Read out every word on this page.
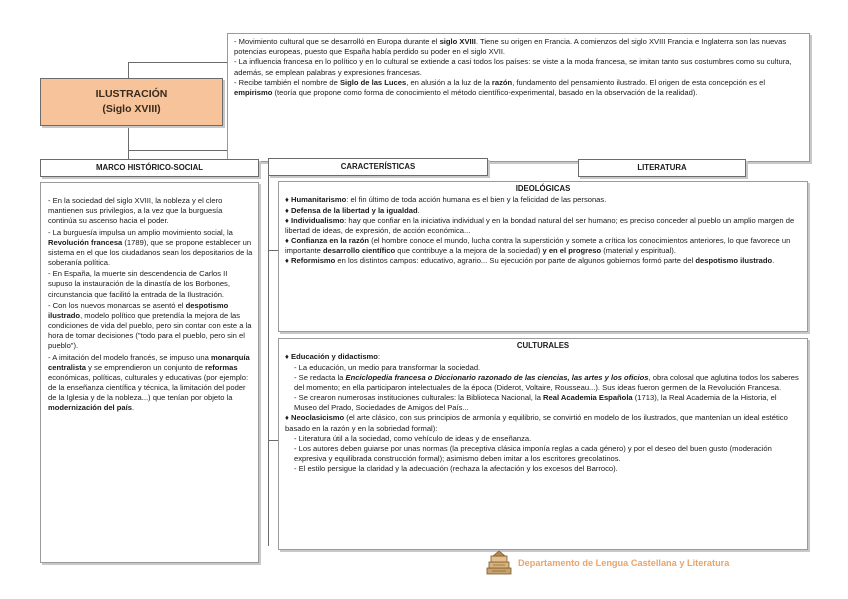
- Movimiento cultural que se desarrolló en Europa durante el siglo XVIII. Tiene su origen en Francia. A comienzos del siglo XVIII Francia e Inglaterra son las nuevas potencias europeas, puesto que España había perdido su poder en el siglo XVII.

- La influencia francesa en lo político y en lo cultural se extiende a casi todos los países: se viste a la moda francesa, se imitan tanto sus costumbres como su cultura, además, se emplean palabras y expresiones francesas.

- Recibe también el nombre de Siglo de las Luces, en alusión a la luz de la razón, fundamento del pensamiento ilustrado. El origen de esta concepción es el empirismo (teoría que propone como forma de conocimiento el método científico-experimental, basado en la observación de la realidad).

ILUSTRACIÓN
(Siglo XVIII)
MARCO HISTÓRICO-SOCIAL	CARACTERÍSTICAS	LITERATURA

- En la sociedad del siglo XVIII, la nobleza y el clero mantienen sus privilegios, a la vez que la burguesía continúa su ascenso hacia el poder.

- La burguesía impulsa un amplio movimiento social, la Revolución francesa (1789), que se propone establecer un sistema en el que los ciudadanos sean los depositarios de la soberanía política.

- En España, la muerte sin descendencia de Carlos II supuso la instauración de la dinastía de los Borbones, circunstancia que facilitó la entrada de la Ilustración.

- Con los nuevos monarcas se asentó el despotismo ilustrado, modelo político que pretendía la mejora de las condiciones de vida del pueblo, pero sin contar con este a la hora de tomar decisiones ("todo para el pueblo, pero sin el pueblo").

- A imitación del modelo francés, se impuso una monarquía centralista y se emprendieron un conjunto de reformas económicas, políticas, culturales y educativas (por ejemplo: de la enseñanza científica y técnica, la limitación del poder de la Iglesia y de la nobleza...) que tenían por objeto la modernización del país.

IDEOLÓGICAS

♦ Humanitarismo: el fin último de toda acción humana es el bien y la felicidad de las personas.

♦ Defensa de la libertad y la igualdad.

♦ Individualismo: hay que confiar en la iniciativa individual y en la bondad natural del ser humano; es preciso conceder al pueblo un amplio margen de libertad de ideas, de expresión, de acción económica...

♦ Confianza en la razón (el hombre conoce el mundo, lucha contra la superstición y somete a crítica los conocimientos anteriores, lo que favorece un importante desarrollo científico que contribuye a la mejora de la sociedad) y en el progreso (material y espiritual).

♦ Reformismo en los distintos campos: educativo, agrario... Su ejecución por parte de algunos gobiernos formó parte del despotismo ilustrado.

CULTURALES

♦ Educación y didactismo:

- La educación, un medio para transformar la sociedad.

- Se redacta la Enciclopedia francesa o Diccionario razonado de las ciencias, las artes y los oficios, obra colosal que aglutina todos los saberes del momento; en ella participaron intelectuales de la época (Diderot, Voltaire, Rousseau...). Sus ideas fueron germen de la Revolución Francesa.

- Se crearon numerosas instituciones culturales: la Biblioteca Nacional, la Real Academia Española (1713), la Real Academia de la Historia, el Museo del Prado, Sociedades de Amigos del País...

♦ Neoclasicismo (el arte clásico, con sus principios de armonía y equilibrio, se convirtió en modelo de los ilustrados, que mantenían un ideal estético basado en la razón y en la sobriedad formal):

- Literatura útil a la sociedad, como vehículo de ideas y de enseñanza.

- Los autores deben guiarse por unas normas (la preceptiva clásica imponía reglas a cada género) y por el deseo del buen gusto (moderación expresiva y equilibrada construcción formal); asimismo deben imitar a los escritores grecolatinos.

- El estilo persigue la claridad y la adecuación (rechaza la afectación y los excesos del Barroco).

Departamento de Lengua Castellana y Literatura
